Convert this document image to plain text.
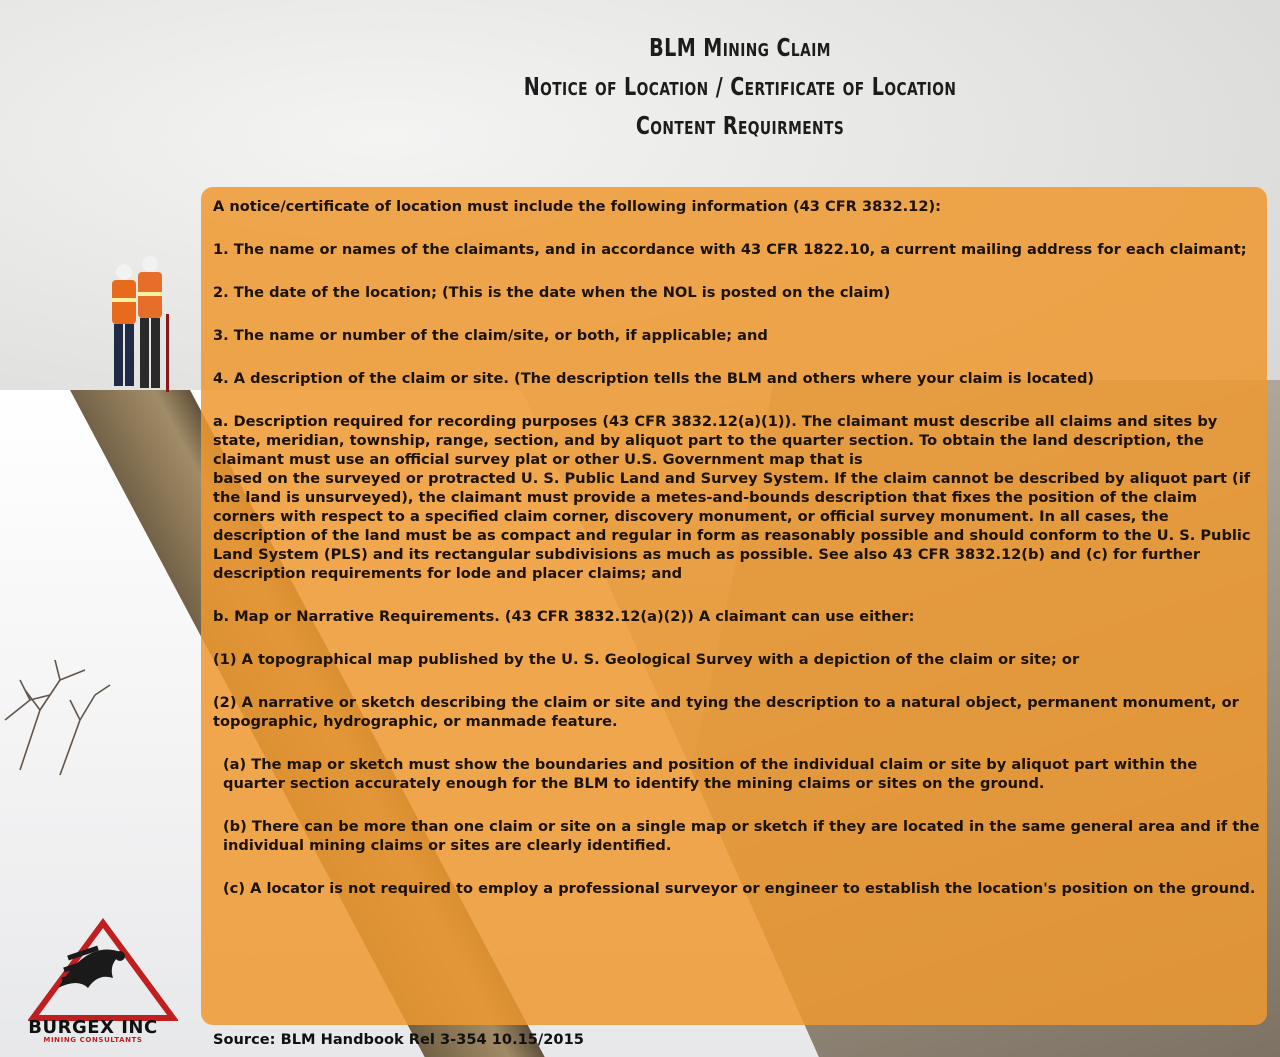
BLM Mining Claim
Notice of Location / Certificate of Location
Content Requirments

A notice/certificate of location must include the following information (43 CFR 3832.12):

1. The name or names of the claimants, and in accordance with 43 CFR 1822.10, a current mailing address for each claimant;

2. The date of the location; (This is the date when the NOL is posted on the claim)

3. The name or number of the claim/site, or both, if applicable; and

4. A description of the claim or site. (The description tells the BLM and others where your claim is located)

a. Description required for recording purposes (43 CFR 3832.12(a)(1)). The claimant must describe all claims and sites by state, meridian, township, range, section, and by aliquot part to the quarter section. To obtain the land description, the claimant must use an official survey plat or other U.S. Government map that is
based on the surveyed or protracted U. S. Public Land and Survey System. If the claim cannot be described by aliquot part (if the land is unsurveyed), the claimant must provide a metes-and-bounds description that fixes the position of the claim corners with respect to a specified claim corner, discovery monument, or official survey monument. In all cases, the description of the land must be as compact and regular in form as reasonably possible and should conform to the U. S. Public Land System (PLS) and its rectangular subdivisions as much as possible. See also 43 CFR 3832.12(b) and (c) for further description requirements for lode and placer claims; and

b. Map or Narrative Requirements. (43 CFR 3832.12(a)(2)) A claimant can use either:

(1) A topographical map published by the U. S. Geological Survey with a depiction of the claim or site; or

(2) A narrative or sketch describing the claim or site and tying the description to a natural object, permanent monument, or topographic, hydrographic, or manmade feature.

(a) The map or sketch must show the boundaries and position of the individual claim or site by aliquot part within the quarter section accurately enough for the BLM to identify the mining claims or sites on the ground.

(b) There can be more than one claim or site on a single map or sketch if they are located in the same general area and if the individual mining claims or sites are clearly identified.

(c) A locator is not required to employ a professional surveyor or engineer to establish the location's position on the ground.

Source: BLM Handbook Rel 3-354 10.15/2015
BURGEX INC
MINING CONSULTANTS
